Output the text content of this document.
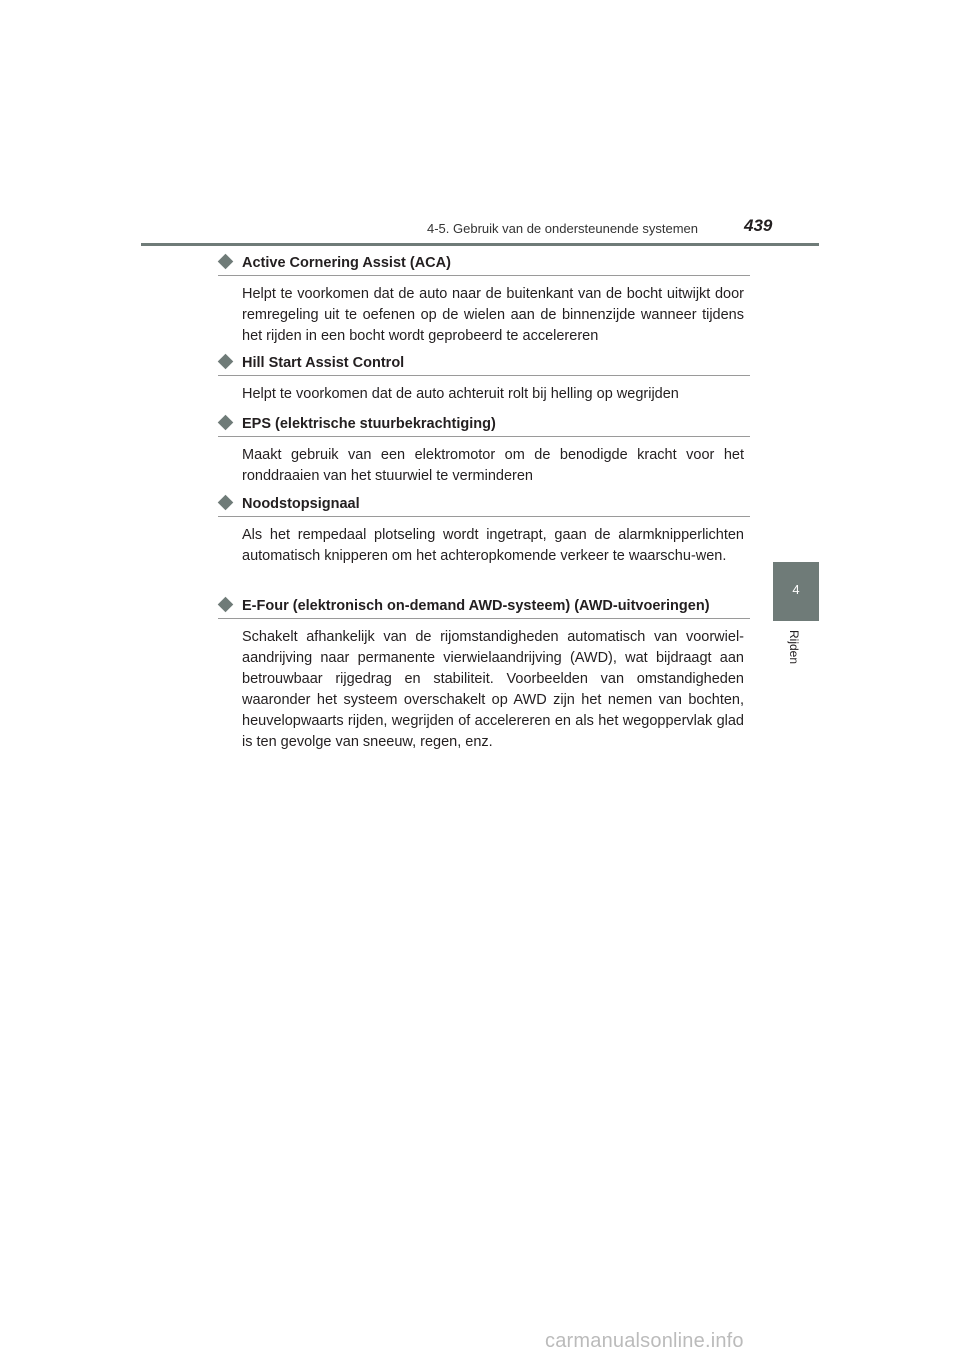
4-5. Gebruik van de ondersteunende systemen	439
4
Rijden
Active Cornering Assist (ACA)
Helpt te voorkomen dat de auto naar de buitenkant van de bocht uitwijkt door remregeling uit te oefenen op de wielen aan de binnenzijde wanneer tijdens het rijden in een bocht wordt geprobeerd te accelereren
Hill Start Assist Control
Helpt te voorkomen dat de auto achteruit rolt bij helling op wegrijden
EPS (elektrische stuurbekrachtiging)
Maakt gebruik van een elektromotor om de benodigde kracht voor het ronddraaien van het stuurwiel te verminderen
Noodstopsignaal
Als het rempedaal plotseling wordt ingetrapt, gaan de alarmknipperlichten automatisch knipperen om het achteropkomende verkeer te waarschu-wen.
E-Four (elektronisch on-demand AWD-systeem) (AWD-uitvoeringen)
Schakelt afhankelijk van de rijomstandigheden automatisch van voorwiel-aandrijving naar permanente vierwielaandrijving (AWD), wat bijdraagt aan betrouwbaar rijgedrag en stabiliteit. Voorbeelden van omstandigheden waaronder het systeem overschakelt op AWD zijn het nemen van bochten, heuvelopwaarts rijden, wegrijden of accelereren en als het wegoppervlak glad is ten gevolge van sneeuw, regen, enz.
carmanualsonline.info
